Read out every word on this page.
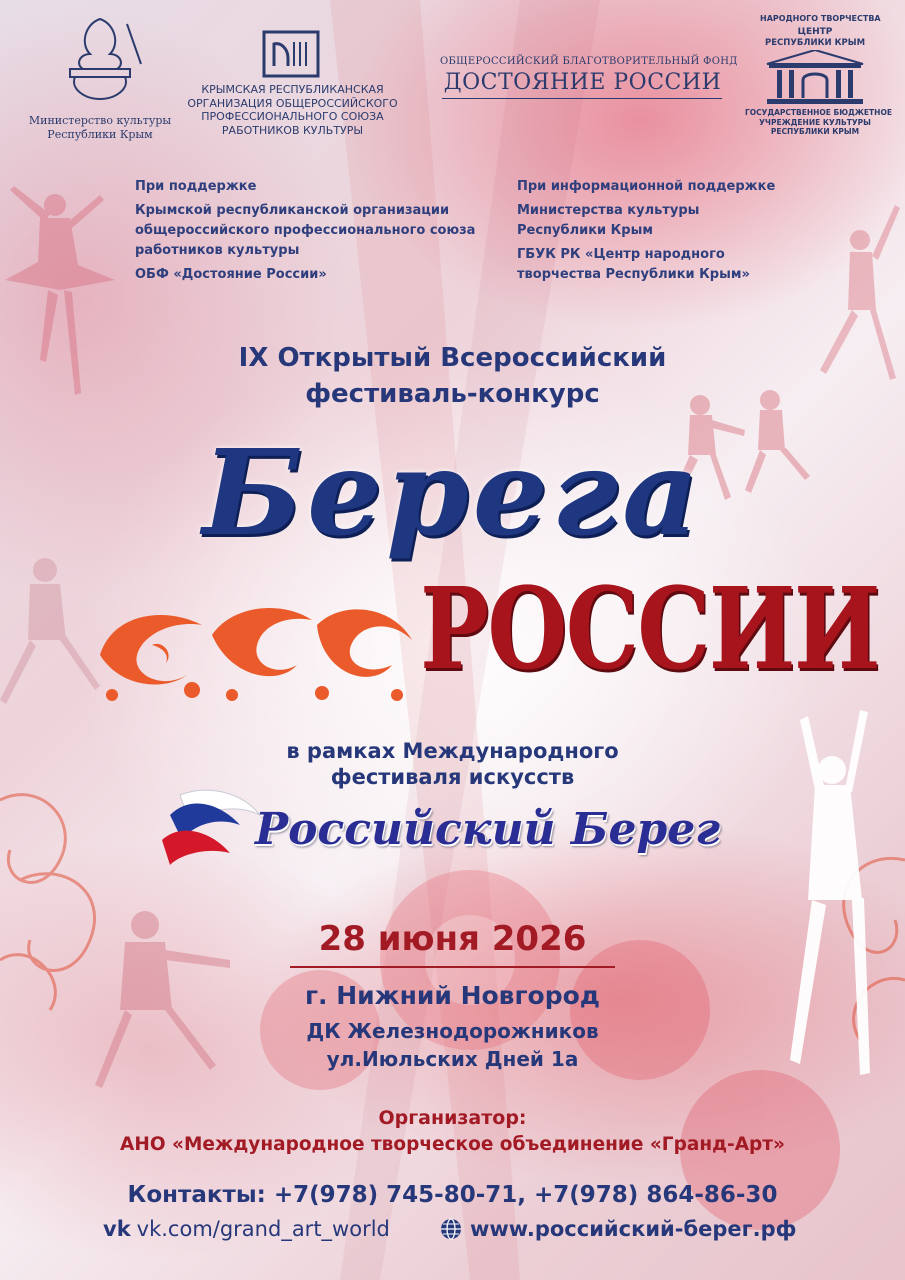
Министерство культуры
Республики Крым
КРЫМСКАЯ РЕСПУБЛИКАНСКАЯ
ОРГАНИЗАЦИЯ ОБЩЕРОССИЙСКОГО
ПРОФЕССИОНАЛЬНОГО СОЮЗА
РАБОТНИКОВ КУЛЬТУРЫ
ОБЩЕРОССИЙСКИЙ БЛАГОТВОРИТЕЛЬНЫЙ ФОНД
ДОСТОЯНИЕ РОССИИ
НАРОДНОГО ТВОРЧЕСТВА
ЦЕНТР
РЕСПУБЛИКИ КРЫМ
ГОСУДАРСТВЕННОЕ БЮДЖЕТНОЕ
УЧРЕЖДЕНИЕ КУЛЬТУРЫ
РЕСПУБЛИКИ КРЫМ
При поддержке
Крымской республиканской организации
общероссийского профессионального союза
работников культуры
ОБФ «Достояние России»
При информационной поддержке
Министерства культуры
Республики Крым
ГБУК РК «Центр народного
творчества Республики Крым»
IX Открытый Всероссийский
фестиваль-конкурс
Берега
РОССИИ
в рамках Международного
фестиваля искусств
Российский Берег
28 июня 2026
г. Нижний Новгород
ДК Железнодорожников
ул.Июльских Дней 1а
Организатор:
АНО «Международное творческое объединение «Гранд-Арт»
Контакты: +7(978) 745-80-71, +7(978) 864-86-30
vk vk.com/grand_art_world	www.российский-берег.рф
